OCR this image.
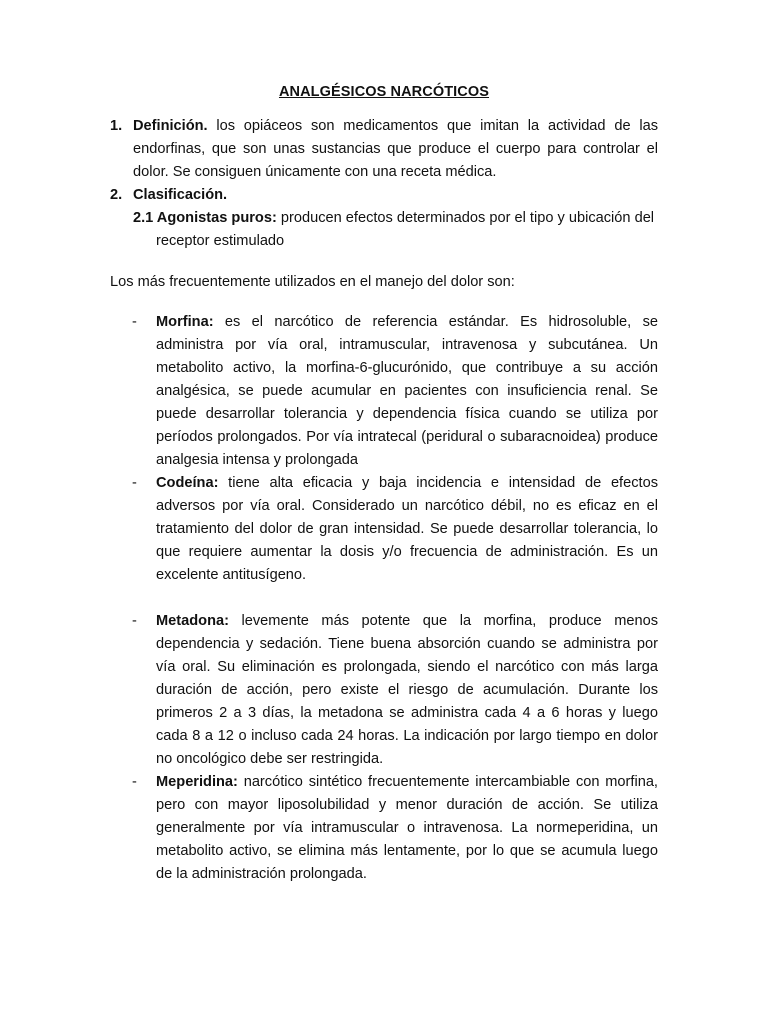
ANALGÉSICOS NARCÓTICOS
1. Definición. los opiáceos son medicamentos que imitan la actividad de las endorfinas, que son unas sustancias que produce el cuerpo para controlar el dolor. Se consiguen únicamente con una receta médica.
2. Clasificación.
2.1 Agonistas puros: producen efectos determinados por el tipo y ubicación del
receptor estimulado
Los más frecuentemente utilizados en el manejo del dolor son:
- Morfina: es el narcótico de referencia estándar. Es hidrosoluble, se administra por vía oral, intramuscular, intravenosa y subcutánea. Un metabolito activo, la morfina-6-glucurónido, que contribuye a su acción analgésica, se puede acumular en pacientes con insuficiencia renal. Se puede desarrollar tolerancia y dependencia física cuando se utiliza por períodos prolongados. Por vía intratecal (peridural o subaracnoidea) produce analgesia intensa y prolongada
- Codeína: tiene alta eficacia y baja incidencia e intensidad de efectos adversos por vía oral. Considerado un narcótico débil, no es eficaz en el tratamiento del dolor de gran intensidad. Se puede desarrollar tolerancia, lo que requiere aumentar la dosis y/o frecuencia de administración. Es un excelente antitusígeno.
- Metadona: levemente más potente que la morfina, produce menos dependencia y sedación. Tiene buena absorción cuando se administra por vía oral. Su eliminación es prolongada, siendo el narcótico con más larga duración de acción, pero existe el riesgo de acumulación. Durante los primeros 2 a 3 días, la metadona se administra cada 4 a 6 horas y luego cada 8 a 12 o incluso cada 24 horas. La indicación por largo tiempo en dolor no oncológico debe ser restringida.
- Meperidina: narcótico sintético frecuentemente intercambiable con morfina, pero con mayor liposolubilidad y menor duración de acción. Se utiliza generalmente por vía intramuscular o intravenosa. La normeperidina, un metabolito activo, se elimina más lentamente, por lo que se acumula luego de la administración prolongada.
